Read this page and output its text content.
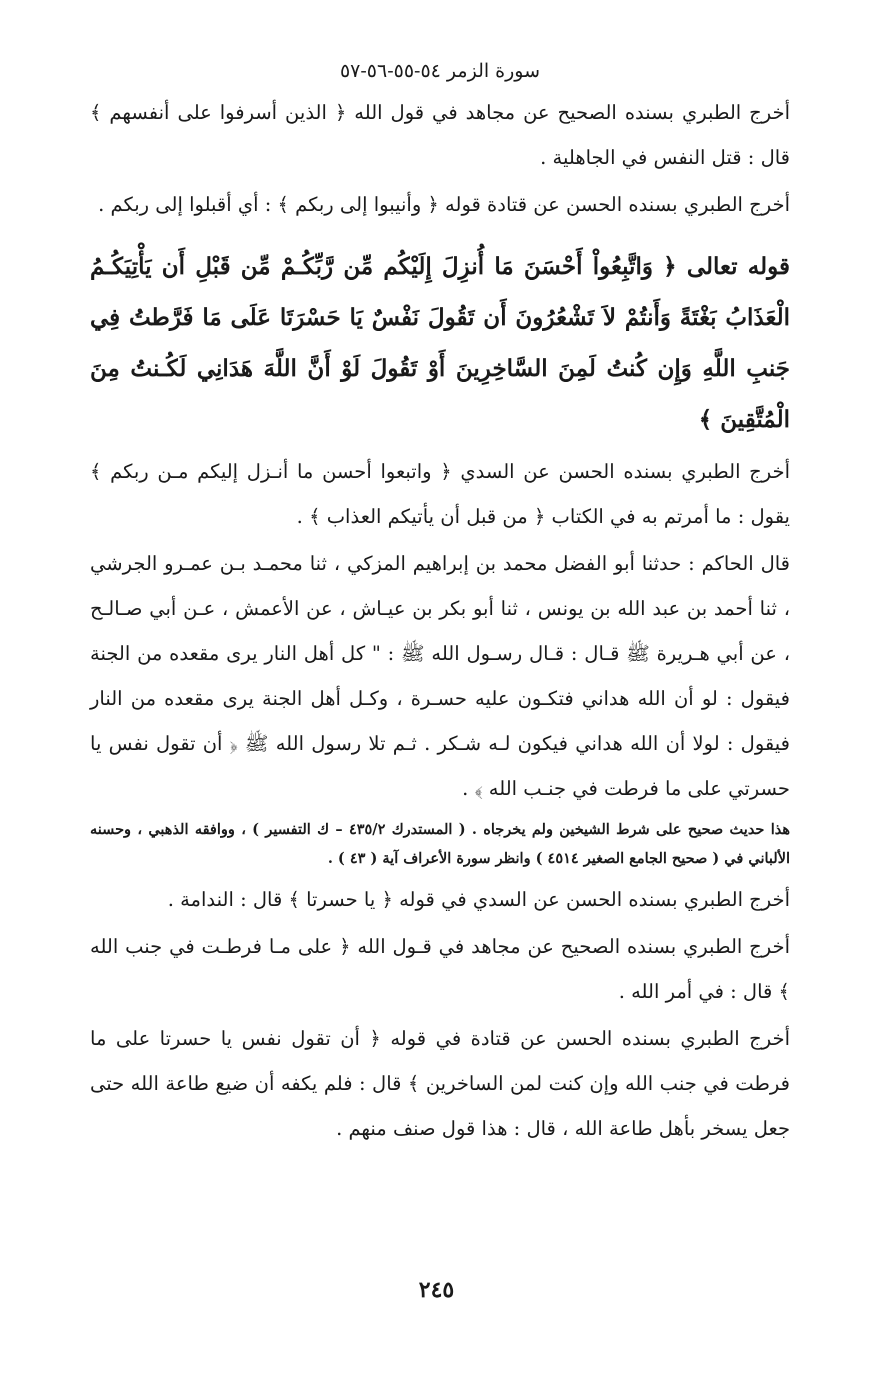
سورة الزمر ٥٤-٥٥-٥٦-٥٧

أخرج الطبري بسنده الصحيح عن مجاهد في قول الله ﴿ الذين أسرفوا على أنفسهم ﴾ قال : قتل النفس في الجاهلية .

أخرج الطبري بسنده الحسن عن قتادة قوله ﴿ وأنيبوا إلى ربكم ﴾ : أي أقبلوا إلى ربكم .

قوله تعالى ﴿ وَاتَّبِعُواْ أَحْسَنَ مَا أُنزِلَ إِلَيْكُم مِّن رَّبِّكُـمْ مِّن قَبْلِ أَن يَأْتِيَكُـمُ الْعَذَابُ بَغْتَةً وَأَنتُمْ لاَ تَشْعُرُونَ أَن تَقُولَ نَفْسٌ يَا حَسْرَتَا عَلَى مَا فَرَّطتُ فِي جَنبِ اللَّهِ وَإِن كُنتُ لَمِنَ السَّاخِرِينَ أَوْ تَقُولَ لَوْ أَنَّ اللَّهَ هَدَانِي لَكُـنتُ مِنَ الْمُتَّقِينَ ﴾

أخرج الطبري بسنده الحسن عن السدي ﴿ واتبعوا أحسن ما أنـزل إليكم مـن ربكم ﴾ يقول : ما أمرتم به في الكتاب ﴿ من قبل أن يأتيكم العذاب ﴾ .

قال الحاكم : حدثنا أبو الفضل محمد بن إبراهيم المزكي ، ثنا محمـد بـن عمـرو الجرشي ، ثنا أحمد بن عبد الله بن يونس ، ثنا أبو بكر بن عيـاش ، عن الأعمش ، عـن أبي صـالـح ، عن أبي هـريرة ﷺ قـال : قـال رسـول الله ﷺ : " كل أهل النار يرى مقعده من الجنة فيقول : لو أن الله هداني فتكـون عليه حسـرة ، وكـل أهل الجنة يرى مقعده من النار فيقول : لولا أن الله هداني فيكون لـه شـكر . ثـم تلا رسول الله ﷺ ﴿ أن تقول نفس يا حسرتي على ما فرطت في جنـب الله ﴾ .

هذا حديث صحيح على شرط الشيخين ولم يخرجاه . ( المستدرك ٤٣٥/٢ – ك التفسير ) ، ووافقه الذهبي ، وحسنه الألباني في ( صحيح الجامع الصغير ٤٥١٤ ) وانظر سورة الأعراف آية ( ٤٣ ) .

أخرج الطبري بسنده الحسن عن السدي في قوله ﴿ يا حسرتا ﴾ قال : الندامة .

أخرج الطبري بسنده الصحيح عن مجاهد في قـول الله ﴿ على مـا فرطـت في جنب الله ﴾ قال : في أمر الله .

أخرج الطبري بسنده الحسن عن قتادة في قوله ﴿ أن تقول نفس يا حسرتا على ما فرطت في جنب الله وإن كنت لمن الساخرين ﴾ قال : فلم يكفه أن ضيع طاعة الله حتى جعل يسخر بأهل طاعة الله ، قال : هذا قول صنف منهم .

٢٤٥
